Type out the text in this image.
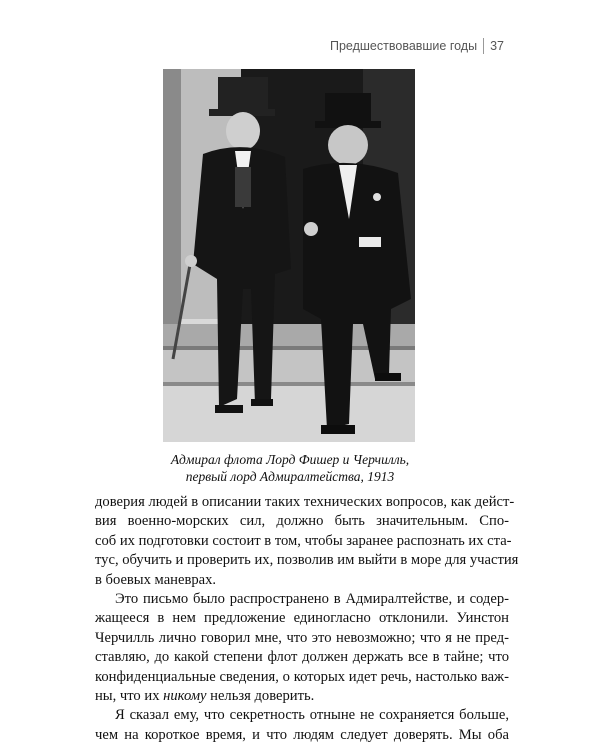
Предшествовавшие годы 37
Адмирал флота Лорд Фишер и Черчилль,
первый лорд Адмиралтейства, 1913
доверия людей в описании таких технических вопросов, как дейст-
вия военно-морских сил, должно быть значительным. Спо-
соб их подготовки состоит в том, чтобы заранее распознать их ста-
тус, обучить и проверить их, позволив им выйти в море для участия
в боевых маневрах.
Это письмо было распространено в Адмиралтействе, и содер-
жащееся в нем предложение единогласно отклонили. Уинстон
Черчилль лично говорил мне, что это невозможно; что я не пред-
ставляю, до какой степени флот должен держать все в тайне; что
конфиденциальные сведения, о которых идет речь, настолько важ-
ны, что их никому нельзя доверить.
Я сказал ему, что секретность отныне не сохраняется больше,
чем на короткое время, и что людям следует доверять. Мы оба
